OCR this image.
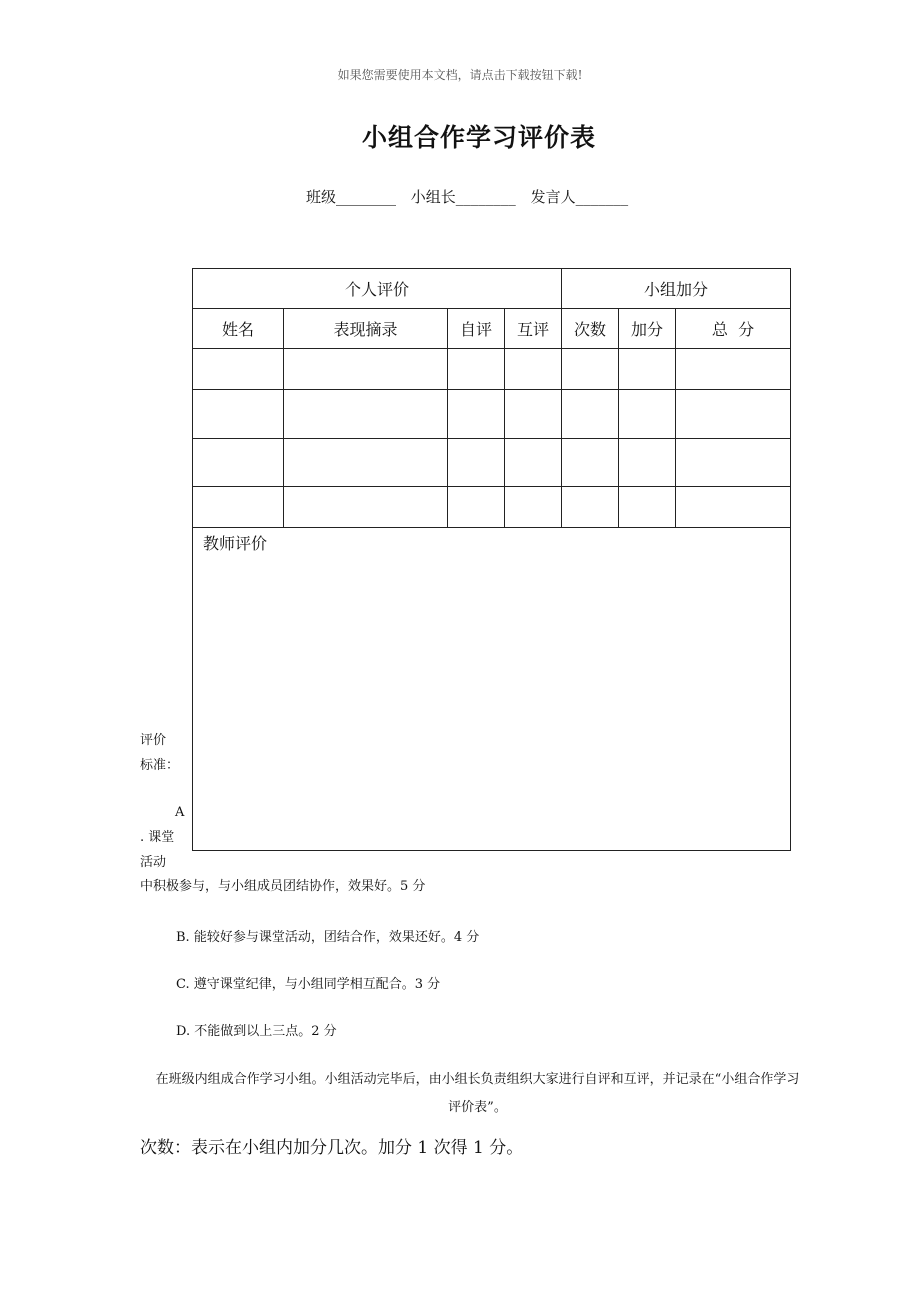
如果您需要使用本文档，请点击下载按钮下载!
小组合作学习评价表
班级________ 小组长________ 发言人_______
个人评价				小组加分		
姓名	表现摘录	自评	互评	次数	加分	总  分

教师评价						
评价
标准：
A
. 课堂
活动
中积极参与，与小组成员团结协作，效果好。5 分
B. 能较好参与课堂活动，团结合作，效果还好。4 分
C. 遵守课堂纪律，与小组同学相互配合。3 分
D. 不能做到以上三点。2 分
在班级内组成合作学习小组。小组活动完毕后，由小组长负责组织大家进行自评和互评，并记录在“小组合作学习评价表”。
次数：表示在小组内加分几次。加分 1 次得 1 分。
